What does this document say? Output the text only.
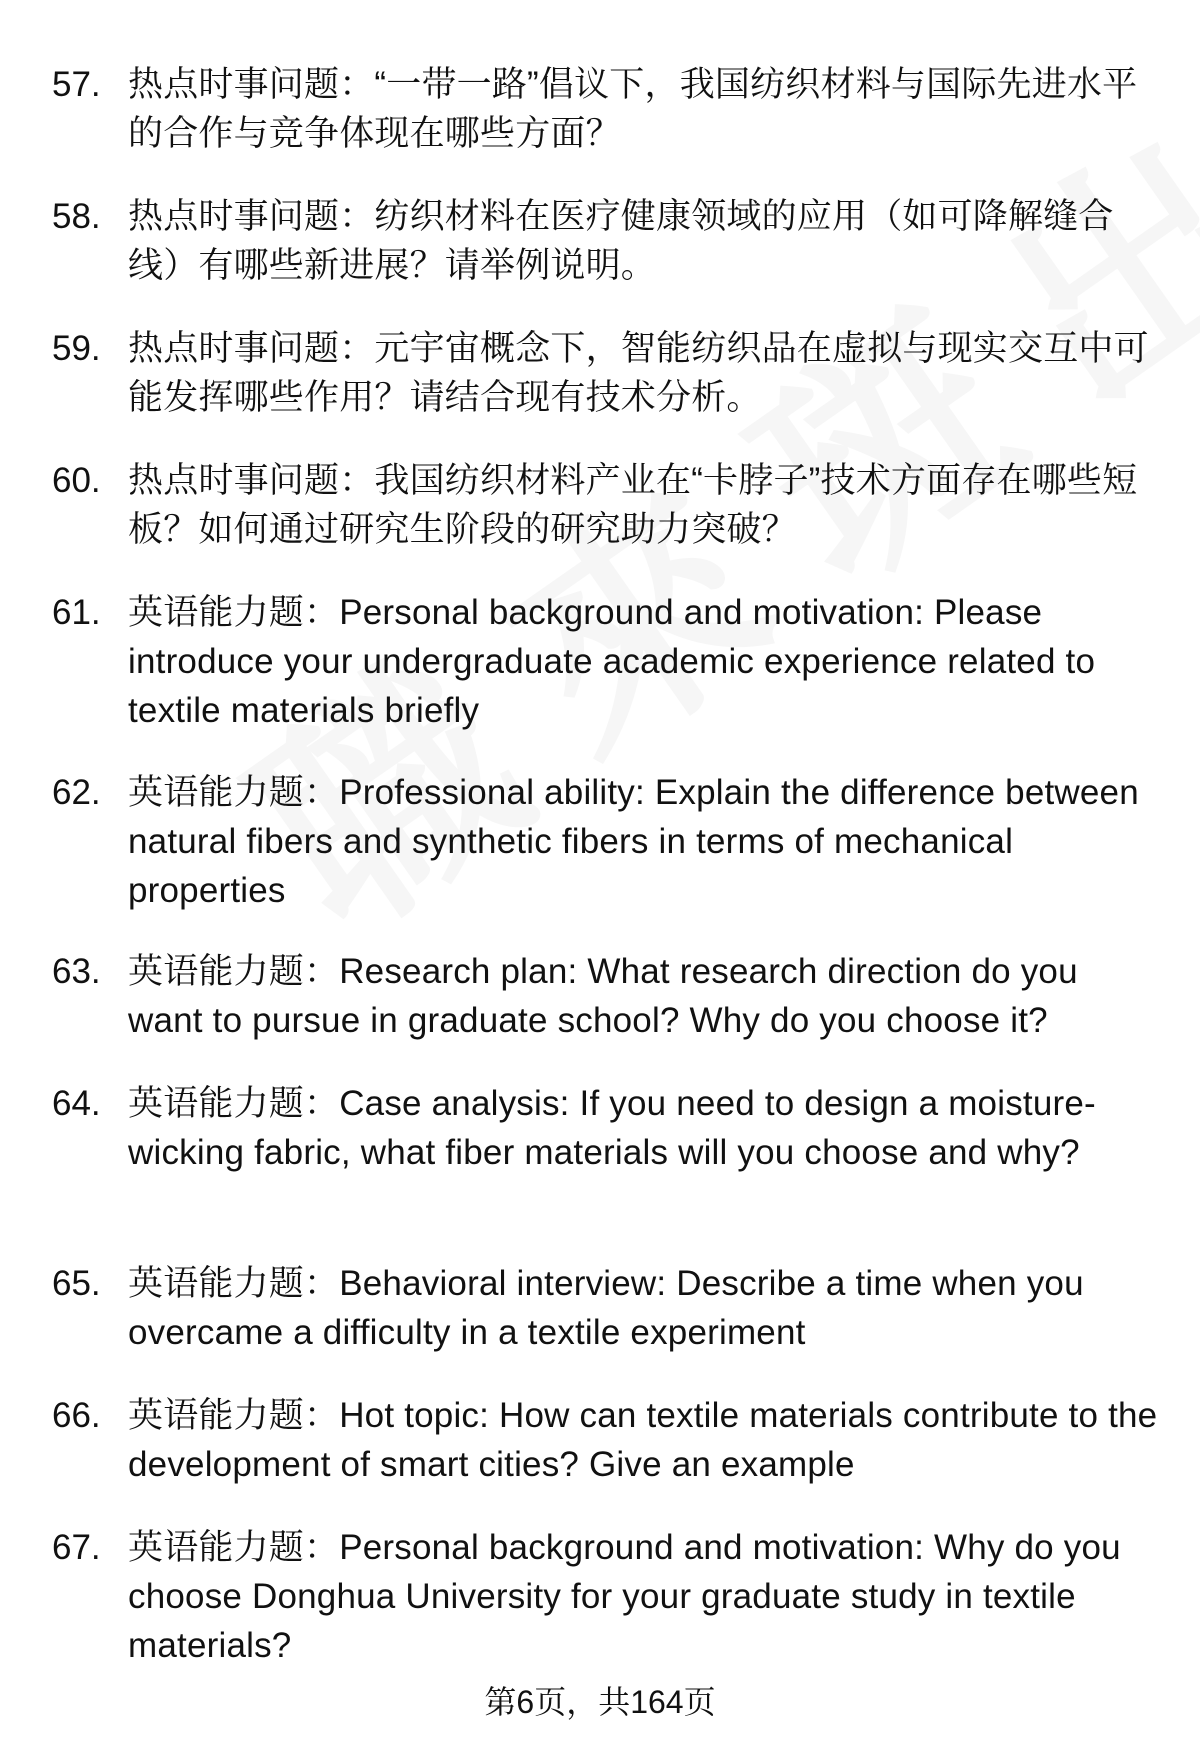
57. 热点时事问题：“一带一路”倡议下，我国纺织材料与国际先进水平的合作与竞争体现在哪些方面？
58. 热点时事问题：纺织材料在医疗健康领域的应用（如可降解缝合线）有哪些新进展？请举例说明。
59. 热点时事问题：元宇宙概念下，智能纺织品在虚拟与现实交互中可能发挥哪些作用？请结合现有技术分析。
60. 热点时事问题：我国纺织材料产业在“卡脖子”技术方面存在哪些短板？如何通过研究生阶段的研究助力突破？
61. 英语能力题：Personal background and motivation: Please introduce your undergraduate academic experience related to textile materials briefly
62. 英语能力题：Professional ability: Explain the difference between natural fibers and synthetic fibers in terms of mechanical properties
63. 英语能力题：Research plan: What research direction do you want to pursue in graduate school? Why do you choose it?
64. 英语能力题：Case analysis: If you need to design a moisture-wicking fabric, what fiber materials will you choose and why?
65. 英语能力题：Behavioral interview: Describe a time when you overcame a difficulty in a textile experiment
66. 英语能力题：Hot topic: How can textile materials contribute to the development of smart cities? Give an example
67. 英语能力题：Personal background and motivation: Why do you choose Donghua University for your graduate study in textile materials?
第6页，共164页
